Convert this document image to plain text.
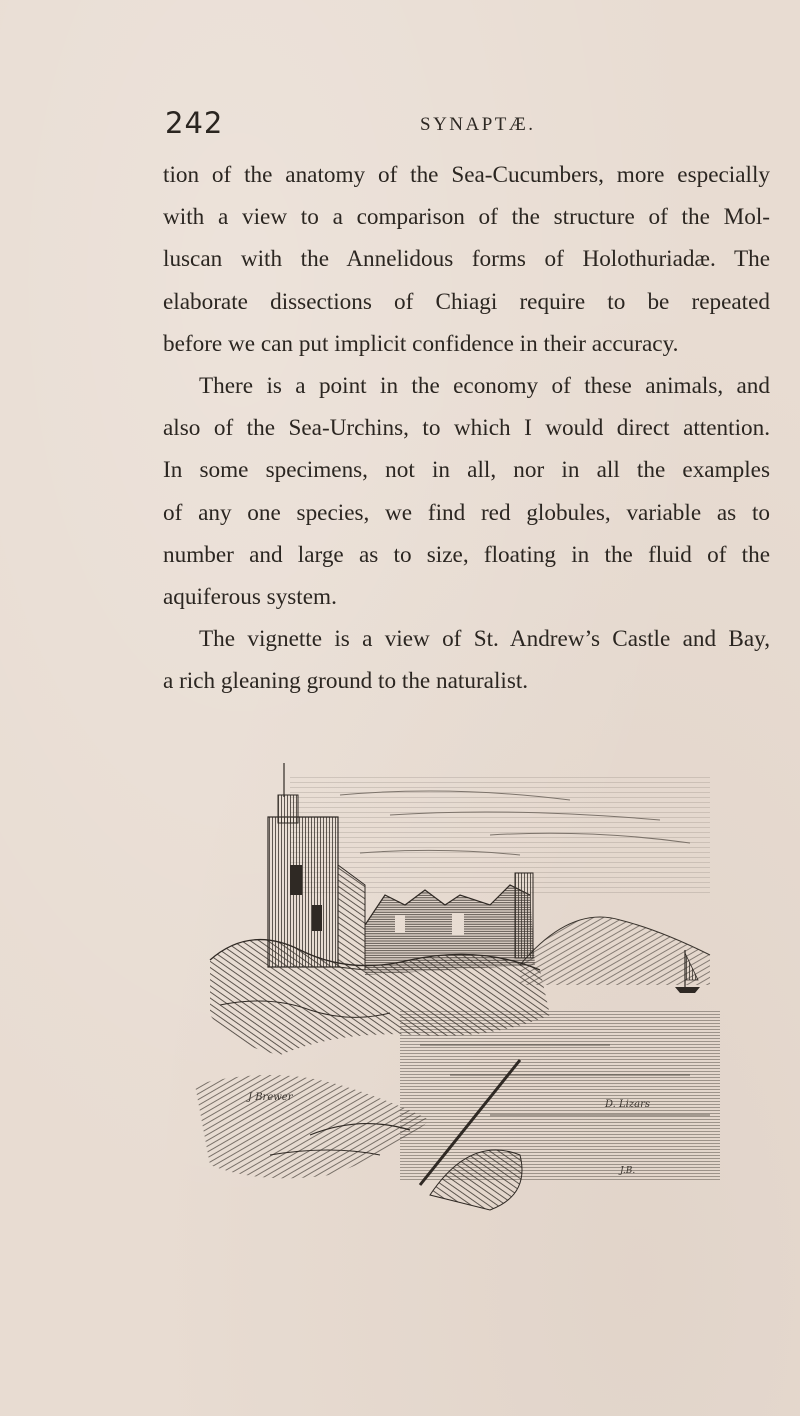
242	SYNAPTÆ.

tion of the anatomy of the Sea-Cucumbers, more especially

with a view to a comparison of the structure of the Mol-

luscan with the Annelidous forms of Holothuriadæ. The

elaborate dissections of Chiagi require to be repeated

before we can put implicit confidence in their accuracy.

There is a point in the economy of these animals, and

also of the Sea-Urchins, to which I would direct attention.

In some specimens, not in all, nor in all the examples

of any one species, we find red globules, variable as to

number and large as to size, floating in the fluid of the

aquiferous system.

The vignette is a view of St. Andrew’s Castle and Bay,

a rich gleaning ground to the naturalist.

J Brewer
D. Lizars
J.B.
